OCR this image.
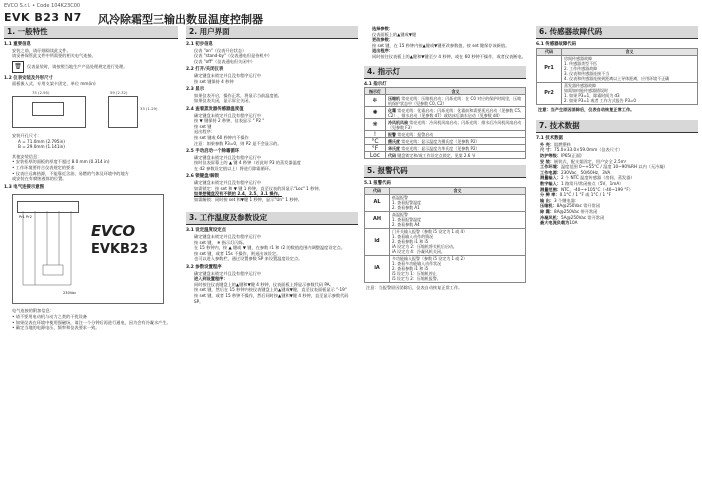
EVCO S.r.l. • Code 104K23C00
EVK B23 N7 风冷除霜型三输出数显温度控制器
1. 一般特性
1.1 重要信息
安装之前，请仔细阅读此文件。
请妥善保管此文件中所需要的相关电气连接。
🗑 仅表显装时，请按照当地生产产品处理规定进行处理。
1.2 仪表安装及外形尺寸
面板嵌入式，专用支架卡固定，单位 mm(in)
75 (2.95)
33 (1.29)
59 (2.32)
安装开孔尺寸：
A = 71.0mm (2.795in)
B = 29.0mm (1.141in)
其他安装信息：
• 安装柜厚的面板的厚度不超过 8.0 mm (0.314 in)
• 工作环境要符合仪表规定的要求
• 仪表应远离热源，不能靠近含油、易燃的气体及环境中的地方
或安装在有腐蚀液体的位置。
1.3 电气连接示意图
Pr1 Pr2
230Vac
EVCO
EVKB23
电气连接的附加信息：
• 请不要用电动机与动力之类的干扰设备
• 如果仪表在环境中使用强磁场，请注一个分钟后再进行通电，因为会有冷凝水产生。
• 确定当地的电源电压、频率和仪表要求一致。
2. 用户界面
2.1 初步信息
仪表 "on"（仪表开启状态）
仪表 "stand-by"（仪表通电但是待机中）
仪表 "off"（仪表通电但关闭中）
2.2 打开/关闭仪表
确定键盘未锁定并且没有程序运行中
按 set 键保持 4 秒钟
2.3 显示
如果仪表开启，操作正常，将显示当前温度值。
如果仪表关闭，显示屏全关闭。
2.4 查看蒸发器传感器温度值
确定键盘未锁定并且没有程序运行中
按 ▼ 键保持 2 秒钟，仪表显示 " P2 "
按 set 键
退出程序：
按 set 键或 60 秒钟内不操作
注意：如果参数 P3=0，则 P2 是不会显示的。
2.5 手动启动一个除霜循环
确定键盘未锁定并且没有程序运行中
按时仪表屏幕上的 ▲ 键 4 秒钟（若此时 P3 的蒸发器温度
在 d2 参数设定值以上）将进行除霜循环。
2.6 锁键盘/解锁
确定键盘未锁定并且没有程序运行中
如需锁定：按 set 和 ▼ 键 1 秒钟，直至仪表的屏显示"Loc" 1 秒钟。
如果想键盘没有不锁的 2.4、2.5、3.1 操作。
如需解锁：同时按 set 和▼键 1 秒钟，显示"Un" 1 秒钟。
3. 工作温度及参数设定
3.1 设定温度设定点
确定键盘未锁定并且没有程序运行中
按 set 键， ❄ 指示灯闪烁。
在 15 秒钟内，按 ▲ 键或 ▼ 键，在参数 r1 和 r2 的数值范围内调整温度设定点。
按 set 键，或者 15s 不操作，则退出该设定。
也可以进入参数栏，通过设置参数 SP 来设置温度设定点。
3.2 参数设置程序
确定键盘未锁定并且没有程序运行中
进入到设置程序：
同时按住仪表键盘上的▲键和▼键 4 秒钟，仪表面板上将显示参数代码 PA。
按 set 键，然后在 15 秒钟内按仪表键盘上的▲键或▼键，直至仪表面板显示 "-19"
按 set 键，或者 15 秒钟不操作，然后同时按▲键和▼键 4 秒钟，直至显示参数代码 SP。
选择参数：
仪表面板上的▲键或▼键
更改参数：
按 set 键，在 15 秒钟内按▲键或▼键更改参数值，按 set 键保存该新值。
退出程序：
同时按住仪表板上的▲键和▼键至少 4 秒钟，或在 60 秒钟不操作，或者仪表断电。
4. 指示灯
4.1 指示灯
指示灯	含义
❄	压缩机 常亮光线：压缩机启动；闪烁光线：在 C0 对应的保护时间里，压缩机保护状态中（见参数 C0, C2）
✺	化霜 常亮光线：化霜启动；闪烁光线：化霜前和需要延迟启动（见参数 C5, C2），排水启动（见参数 d7）或结冰后滴水启动（见参数 d4）
❋	冷风机风扇 常亮光线：冷风机风扇启动；闪烁光线：排水后冷风机风扇启动（见参数 F3）
!	报警 常亮光线：报警启动
°C	摄氏度 常亮光线：显示温度为摄氏度（见参数 P2）
°F	华氏度 常亮光线：显示温度为华氏度（见参数 P2）
Loc	代码 键盘锁定和/或工作设定点锁定，见第 2.6 节
5. 报警代码
5.1 报警代码
代码	含义
AL	低温报警
1. 查看报警温度
2. 查看参数 A1
AH	高温报警
1. 查看报警温度
2. 查看参数 A4
id	门开关输入报警（参数 i5 设定为 1 或 4）
1. 查看输入动作的情况
2. 查看参数 i1 和 i5
iA 设定为 2：压缩机将关机后启动。
iA 设定为 4：冷凝风机关闭。
iA	多功能输入报警（参数 i5 设定为 1 或 2）
1. 查看多功能输入动作状况
2. 查看参数 i1 和 i5
i5 设定为 1：压缩机停止
i5 设定为 2：压缩机报警。
注意：当报警原因消除后，仪表自动恢复正常工作。
6. 传感器故障代码
6.1 传感器故障代码
代码	含义
Pr1	房间传感器故障
1. 传感器类型不匹
2. 工作传感器故障
3. 仪表和传感器连接不当
4. 仪表和传感器连接到距离以上导体距离，应用环境不正确
Pr2	蒸发器传感器故障
如需如何能传感器错误时
1. 如果 P3=1，除霜时间为 d3
2. 如果 P3=1 或者 工作方式报告 P3=0
注意：当产生原因消除后，仪表自动恢复正常工作。
7. 技术数据
7.1 技术数据
外 壳：阻燃塑料
尺 寸：75.0×33.0×59.0mm（仪表尺寸）
防护等级：IP65(正面)
安 装：嵌装式，配支架固定，用户安全 2.5m²
工作环境：温度范围 0~+55°C / 湿度 10~90%RH 以内（无冷凝）
工作电源：230Vac，50/60Hz，3VA
测量输入：2 个 NTC 温度传感器（房间，蒸发器）
数字输入：1 路常开/常闭接点（5V，1mA）
测量范围：NTC，-40~+105°C（-40~199 °F）
分 辨 率：0.1°C / 1 °F 或 1°C / 1 °F
输 出：3 个继电器：
压缩机：8A@250Vac 常开常闭
除 霜：8A@250Vac 带开常闭
冷凝风机：5A@250Vac 常开常闭
最大电流负载为10A
